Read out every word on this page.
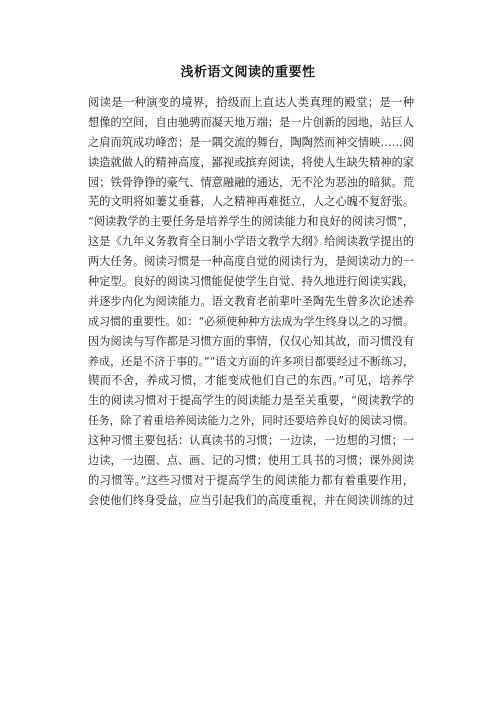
浅析语文阅读的重要性
阅读是一种演变的境界，拾级而上直达人类真理的殿堂；是一种
想像的空间，自由驰骋而凝天地万端；是一片创新的园地，站巨人
之肩而筑成功峰峦；是一隅交流的舞台，陶陶然而神交情映……阅
读造就做人的精神高度，鄙视或摈弃阅读，将使人生缺失精神的家
园；铁骨铮铮的豪气、情意融融的通达，无不沦为恶浊的暗狱。荒
芜的文明将如萋艾垂暮，人之精神再难挺立，人之心魄不复舒张。
“阅读教学的主要任务是培养学生的阅读能力和良好的阅读习惯”，
这是《九年义务教育全日制小学语文教学大纲》给阅读教学提出的
两大任务。阅读习惯是一种高度自觉的阅读行为，是阅读动力的一
种定型。良好的阅读习惯能促使学生自觉、持久地进行阅读实践，
并逐步内化为阅读能力。语文教育老前辈叶圣陶先生曾多次论述养
成习惯的重要性。如：“必须使种种方法成为学生终身以之的习惯。
因为阅读与写作都是习惯方面的事情，仅仅心知其故，而习惯没有
养成，还是不济于事的。”“语文方面的许多项目都要经过不断练习，
锲而不舍，养成习惯，才能变成他们自己的东西。”可见，培养学
生的阅读习惯对于提高学生的阅读能力是至关重要，“阅读教学的
任务，除了着重培养阅读能力之外，同时还要培养良好的阅读习惯。
这种习惯主要包括：认真读书的习惯；一边读，一边想的习惯；一
边读，一边圈、点、画、记的习惯；使用工具书的习惯；课外阅读
的习惯等。”这些习惯对于提高学生的阅读能力都有着重要作用，
会使他们终身受益，应当引起我们的高度重视，并在阅读训练的过
